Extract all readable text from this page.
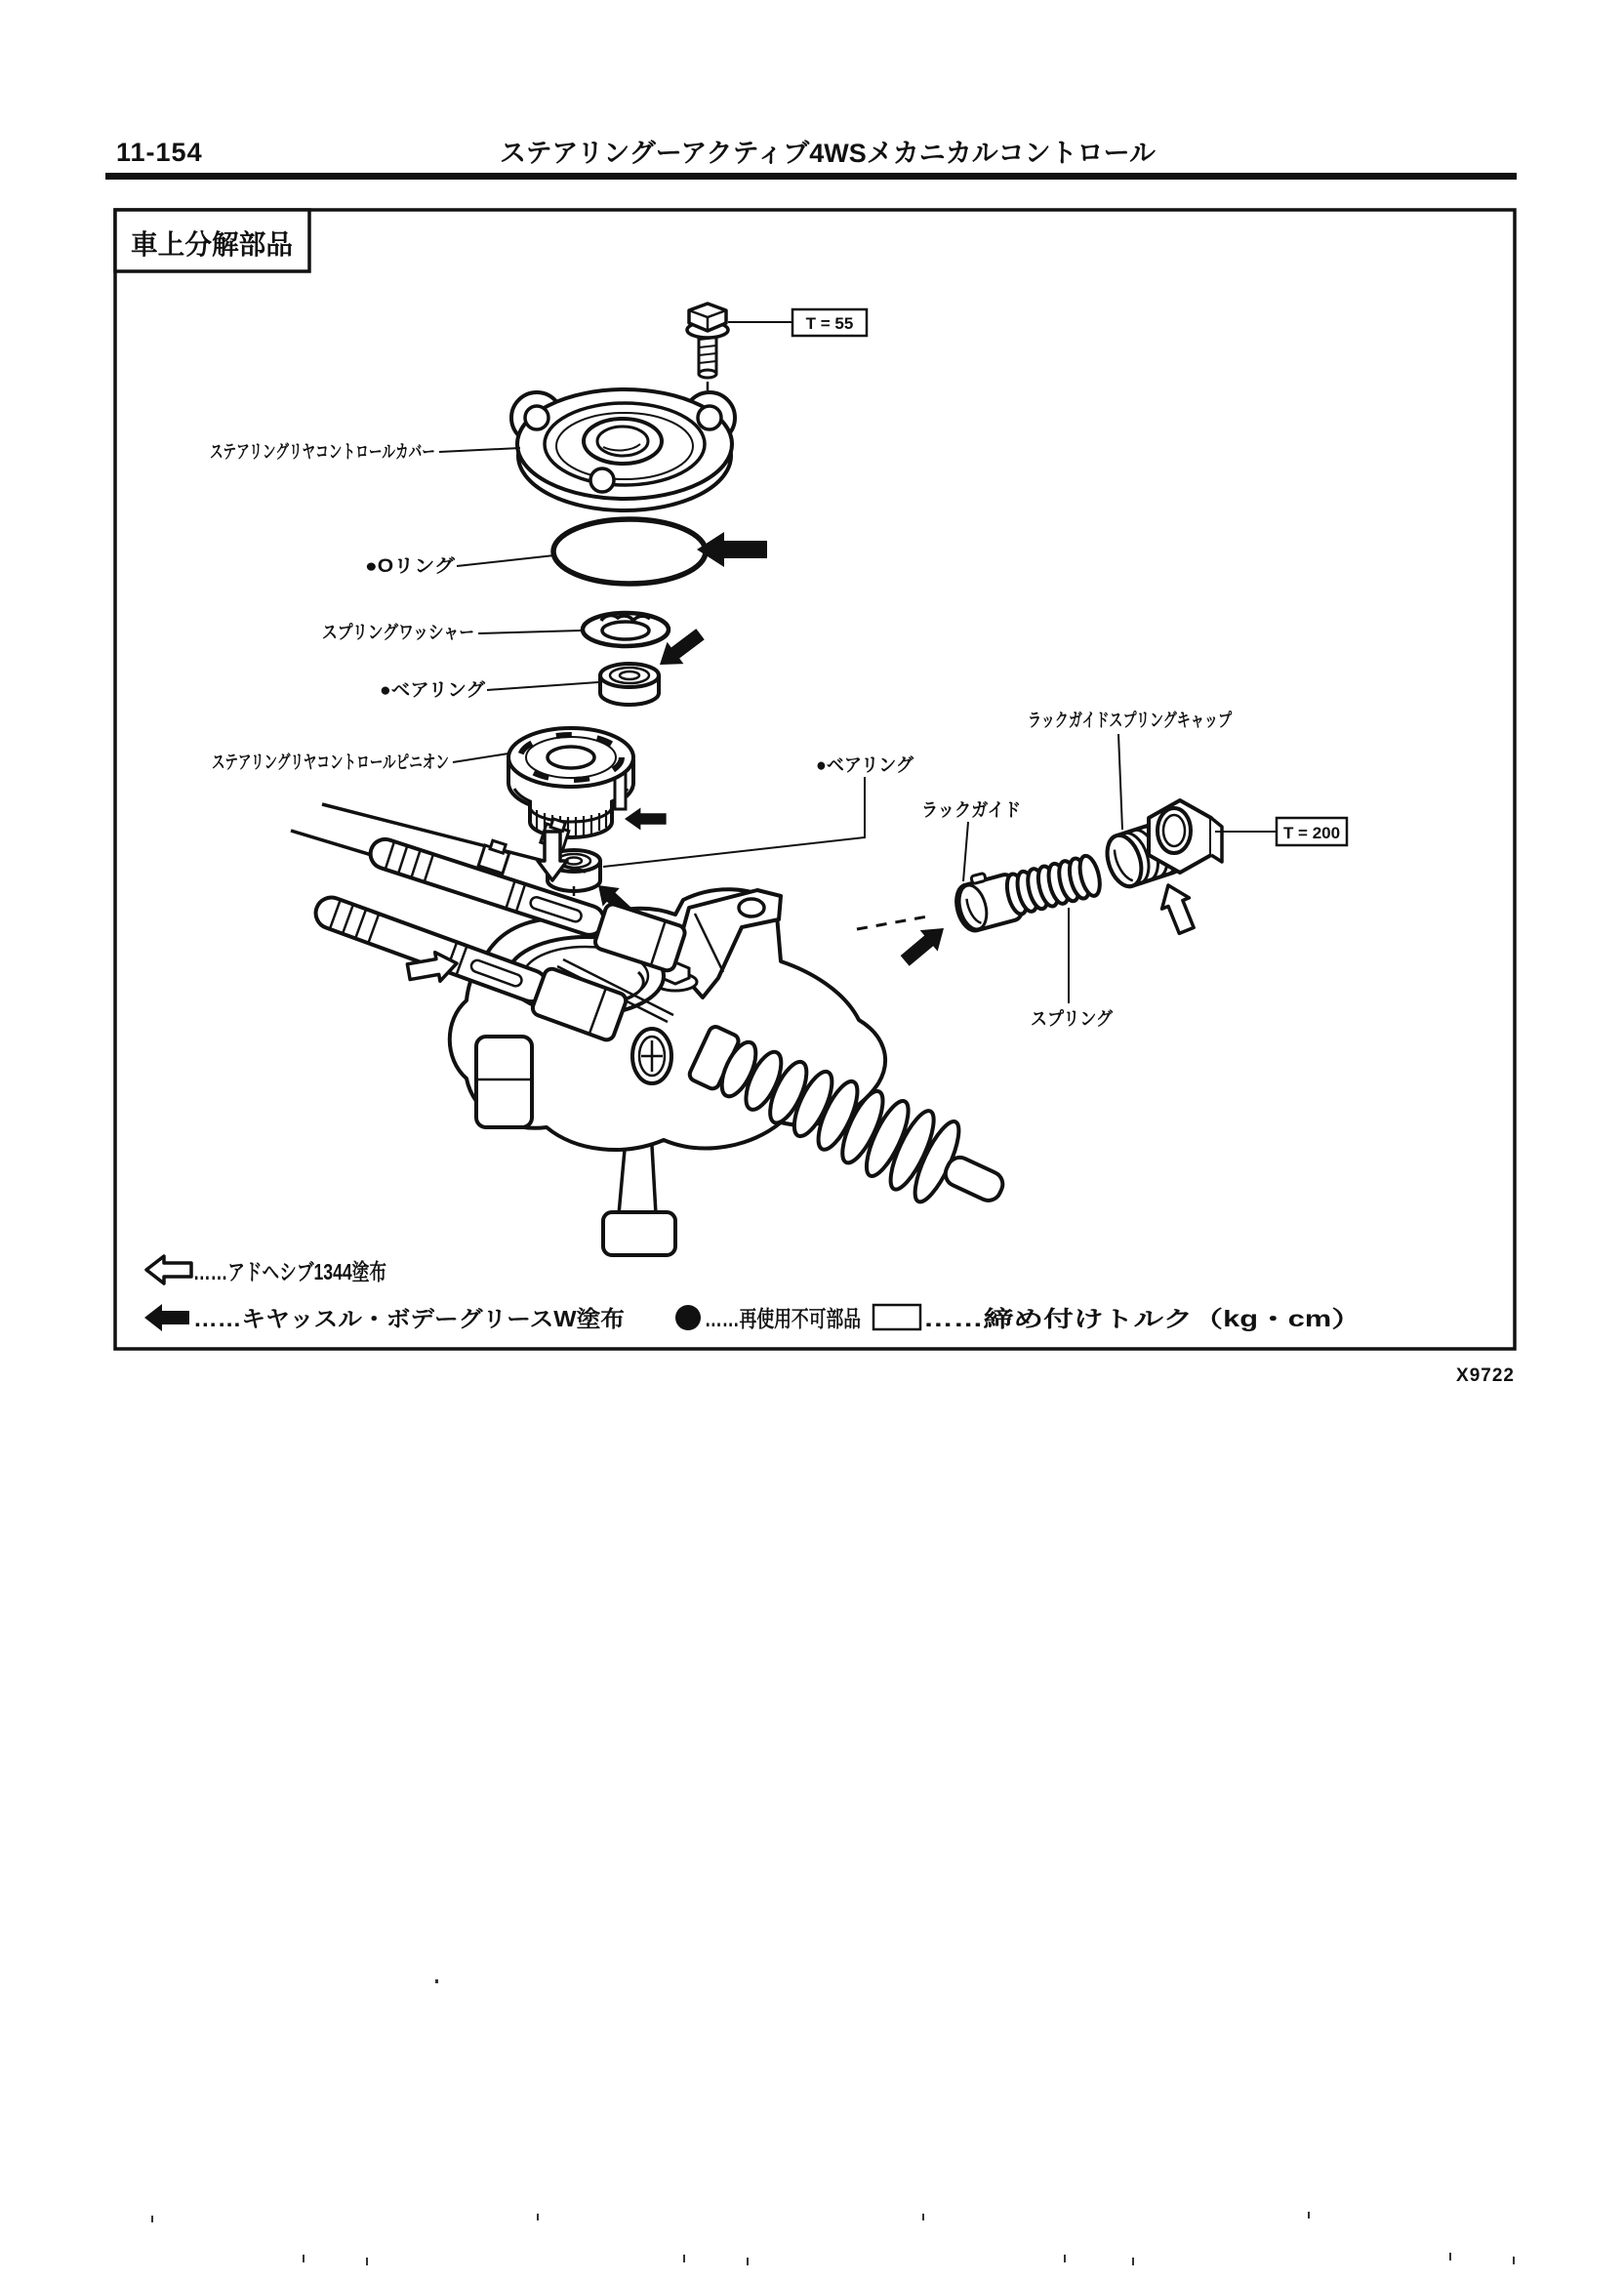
11-154	ステアリングーアクティブ4WSメカニカルコントロール
車上分解部品
T = 55
ステアリングリヤコントロールカバー
●Oリング
スプリングワッシャー
●ベアリング
ステアリングリヤコントロールピニオン	●ベアリング
ラックガイド
スプリング
ラックガイドスプリングキャップ
T = 200
……アドヘシブ1344塗布
……キヤッスル・ボデーグリースW塗布	……再使用不可部品	……締め付けトルク（kg・cm）
X9722
